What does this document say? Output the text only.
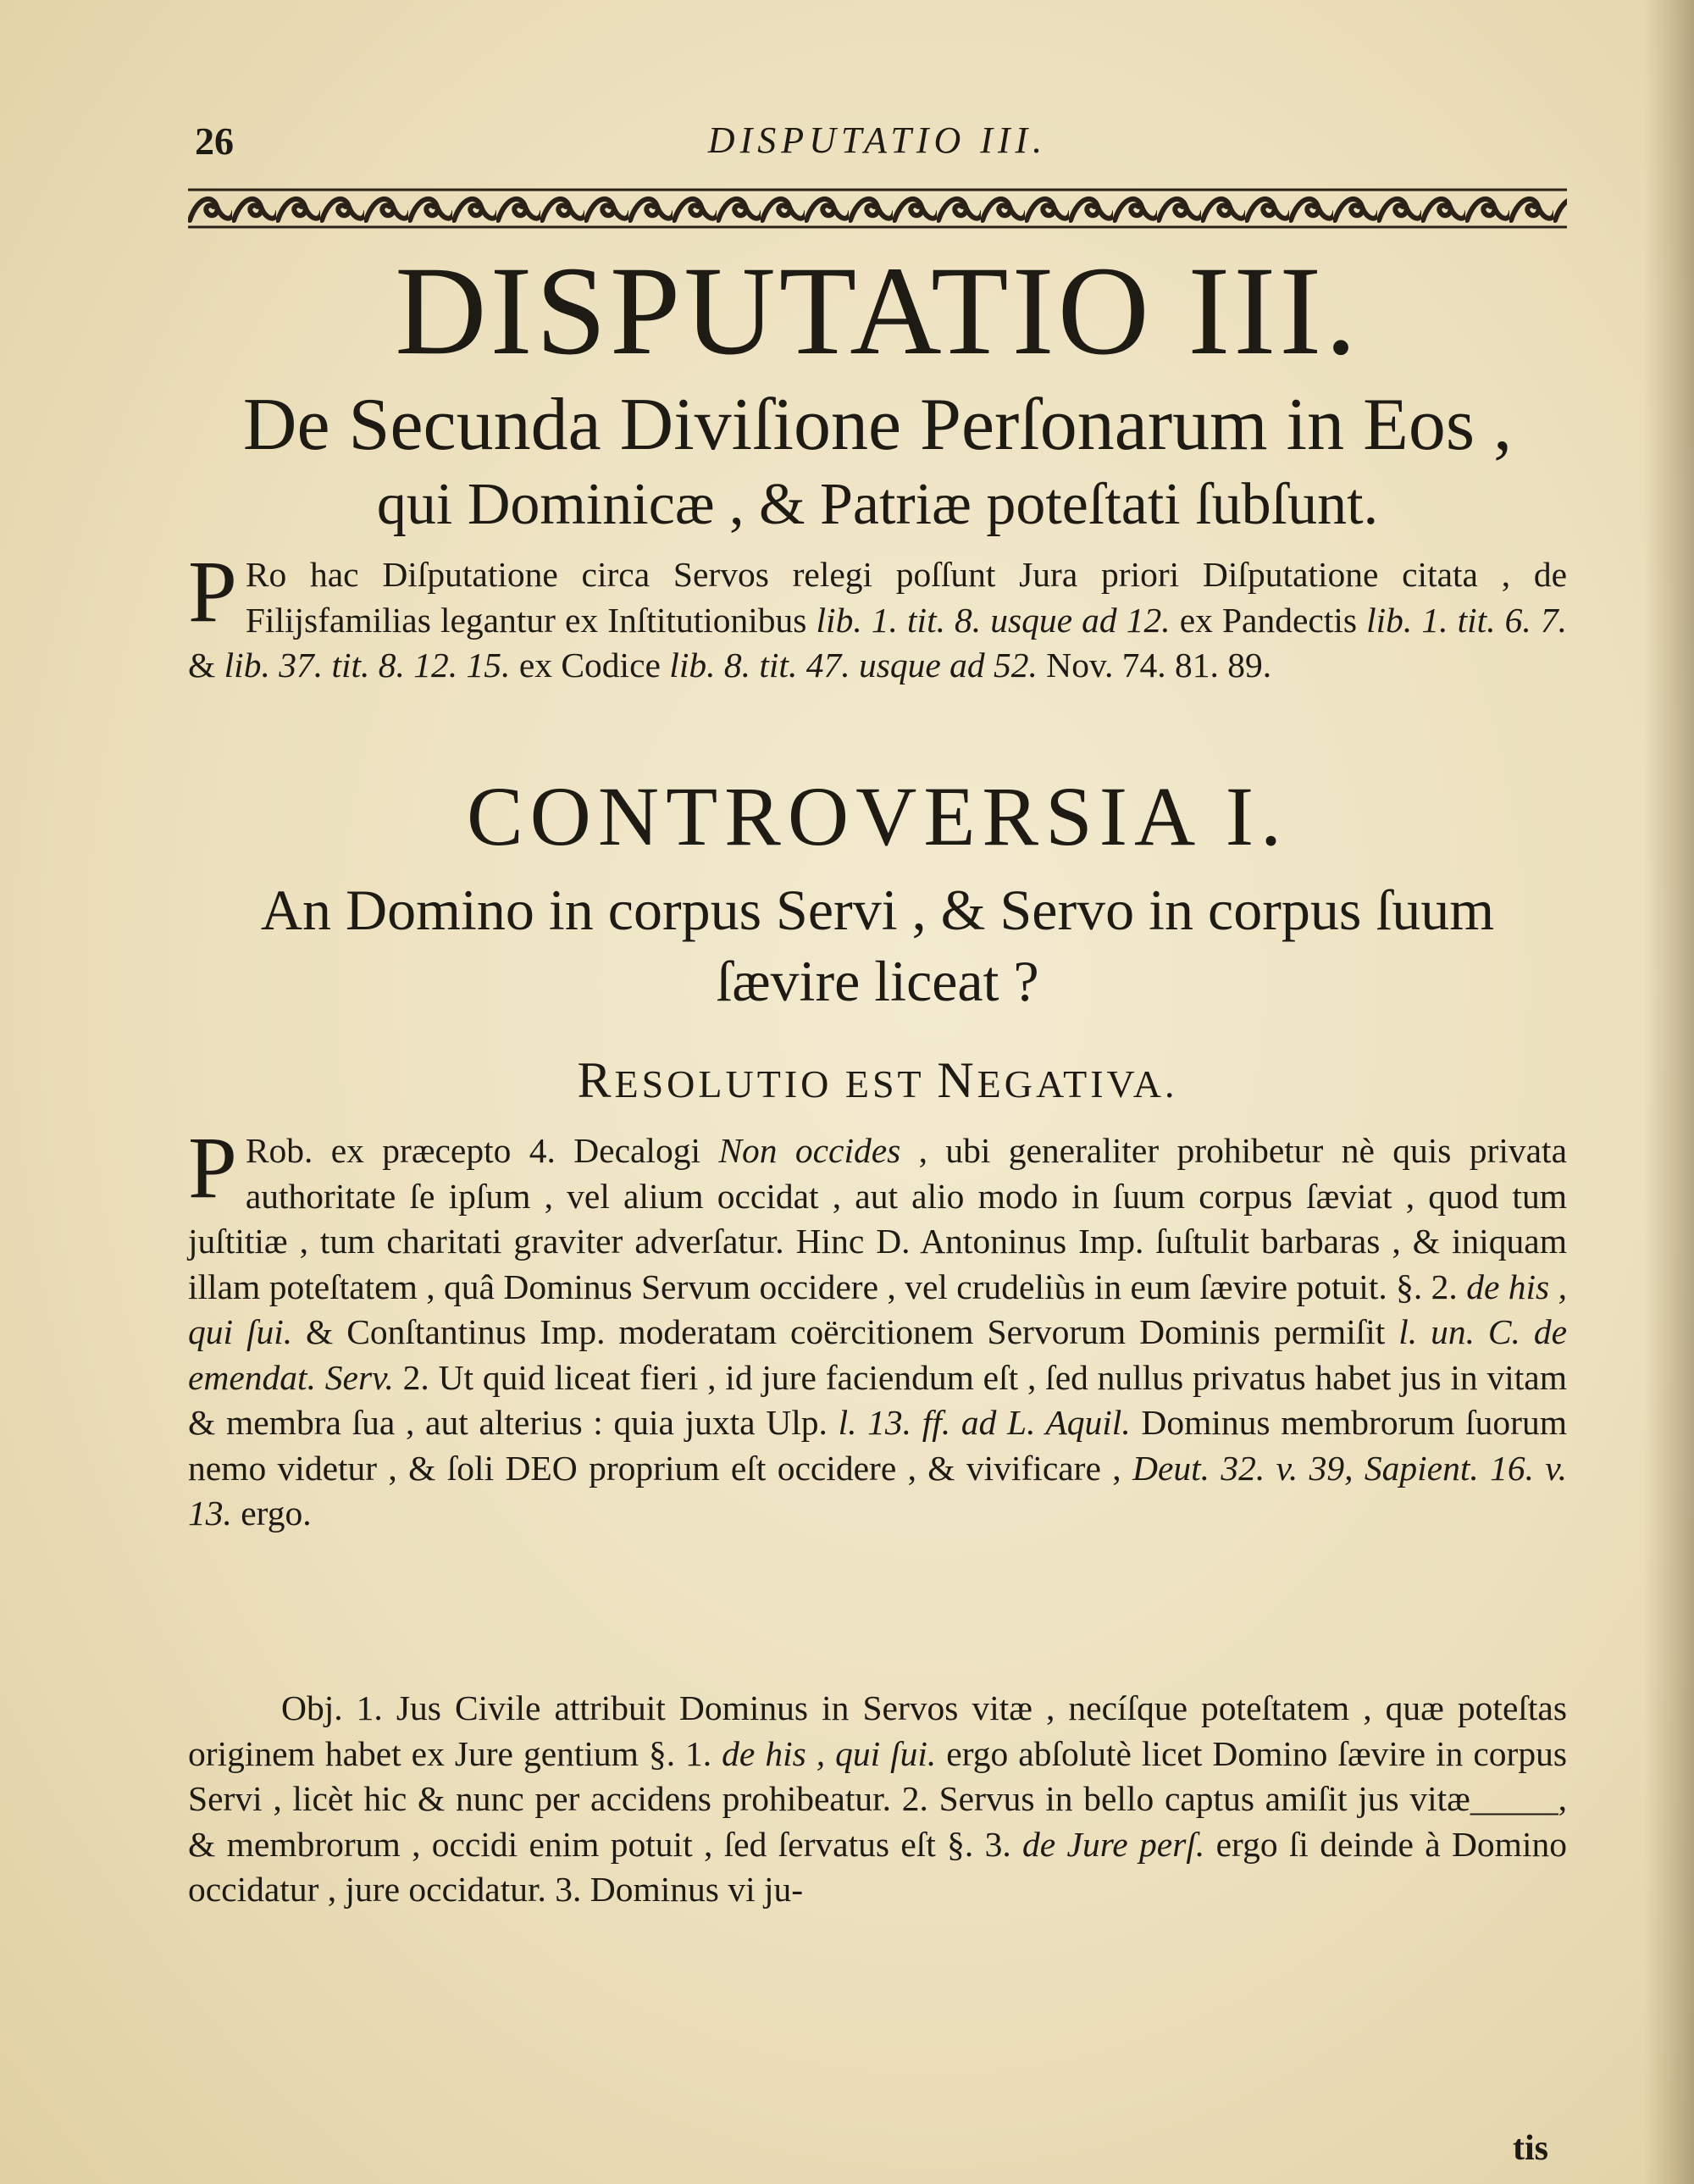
26	DISPUTATIO III.
DISPUTATIO III.
De Secunda Diviſione Perſonarum in Eos ,
qui Dominicæ , & Patriæ poteſtati ſubſunt.

P Ro hac Diſputatione circa Servos relegi poſſunt Jura priori Diſputatione citata , de Filijsfamilias legantur ex Inſtitutionibus lib. 1. tit. 8. usque ad 12. ex Pandectis lib. 1. tit. 6. 7. & lib. 37. tit. 8. 12. 15. ex Codice lib. 8. tit. 47. usque ad 52. Nov. 74. 81. 89.

CONTROVERSIA I.
An Domino in corpus Servi , & Servo in corpus ſuum
ſævire liceat ?
RESOLUTIO EST NEGATIVA.

P Rob. ex præcepto 4. Decalogi Non occides , ubi generaliter prohibetur nè quis privata authoritate ſe ipſum , vel alium occidat , aut alio modo in ſuum corpus ſæviat , quod tum juſtitiæ , tum charitati graviter adverſatur. Hinc D. Antoninus Imp. ſuſtulit barbaras , & iniquam illam poteſtatem , quâ Dominus Servum occidere , vel crudeliùs in eum ſævire potuit. §. 2. de his , qui ſui. & Conſtantinus Imp. moderatam coërcitionem Servorum Dominis permiſit l. un. C. de emendat. Serv. 2. Ut quid liceat fieri , id jure faciendum eſt , ſed nullus privatus habet jus in vitam & membra ſua , aut alterius : quia juxta Ulp. l. 13. ff. ad L. Aquil. Dominus membrorum ſuorum nemo videtur , & ſoli DEO proprium eſt occidere , & vivificare , Deut. 32. v. 39, Sapient. 16. v. 13. ergo.

Obj. 1. Jus Civile attribuit Dominus in Servos vitæ , necíſque poteſtatem , quæ poteſtas originem habet ex Jure gentium §. 1. de his , qui ſui. ergo abſolutè licet Domino ſævire in corpus Servi , licèt hic & nunc per accidens prohibeatur. 2. Servus in bello captus amiſit jus vitæ_____, & membrorum , occidi enim potuit , ſed ſervatus eſt §. 3. de Jure perſ. ergo ſi deinde à Domino occidatur , jure occidatur. 3. Dominus vi ju-

tis
